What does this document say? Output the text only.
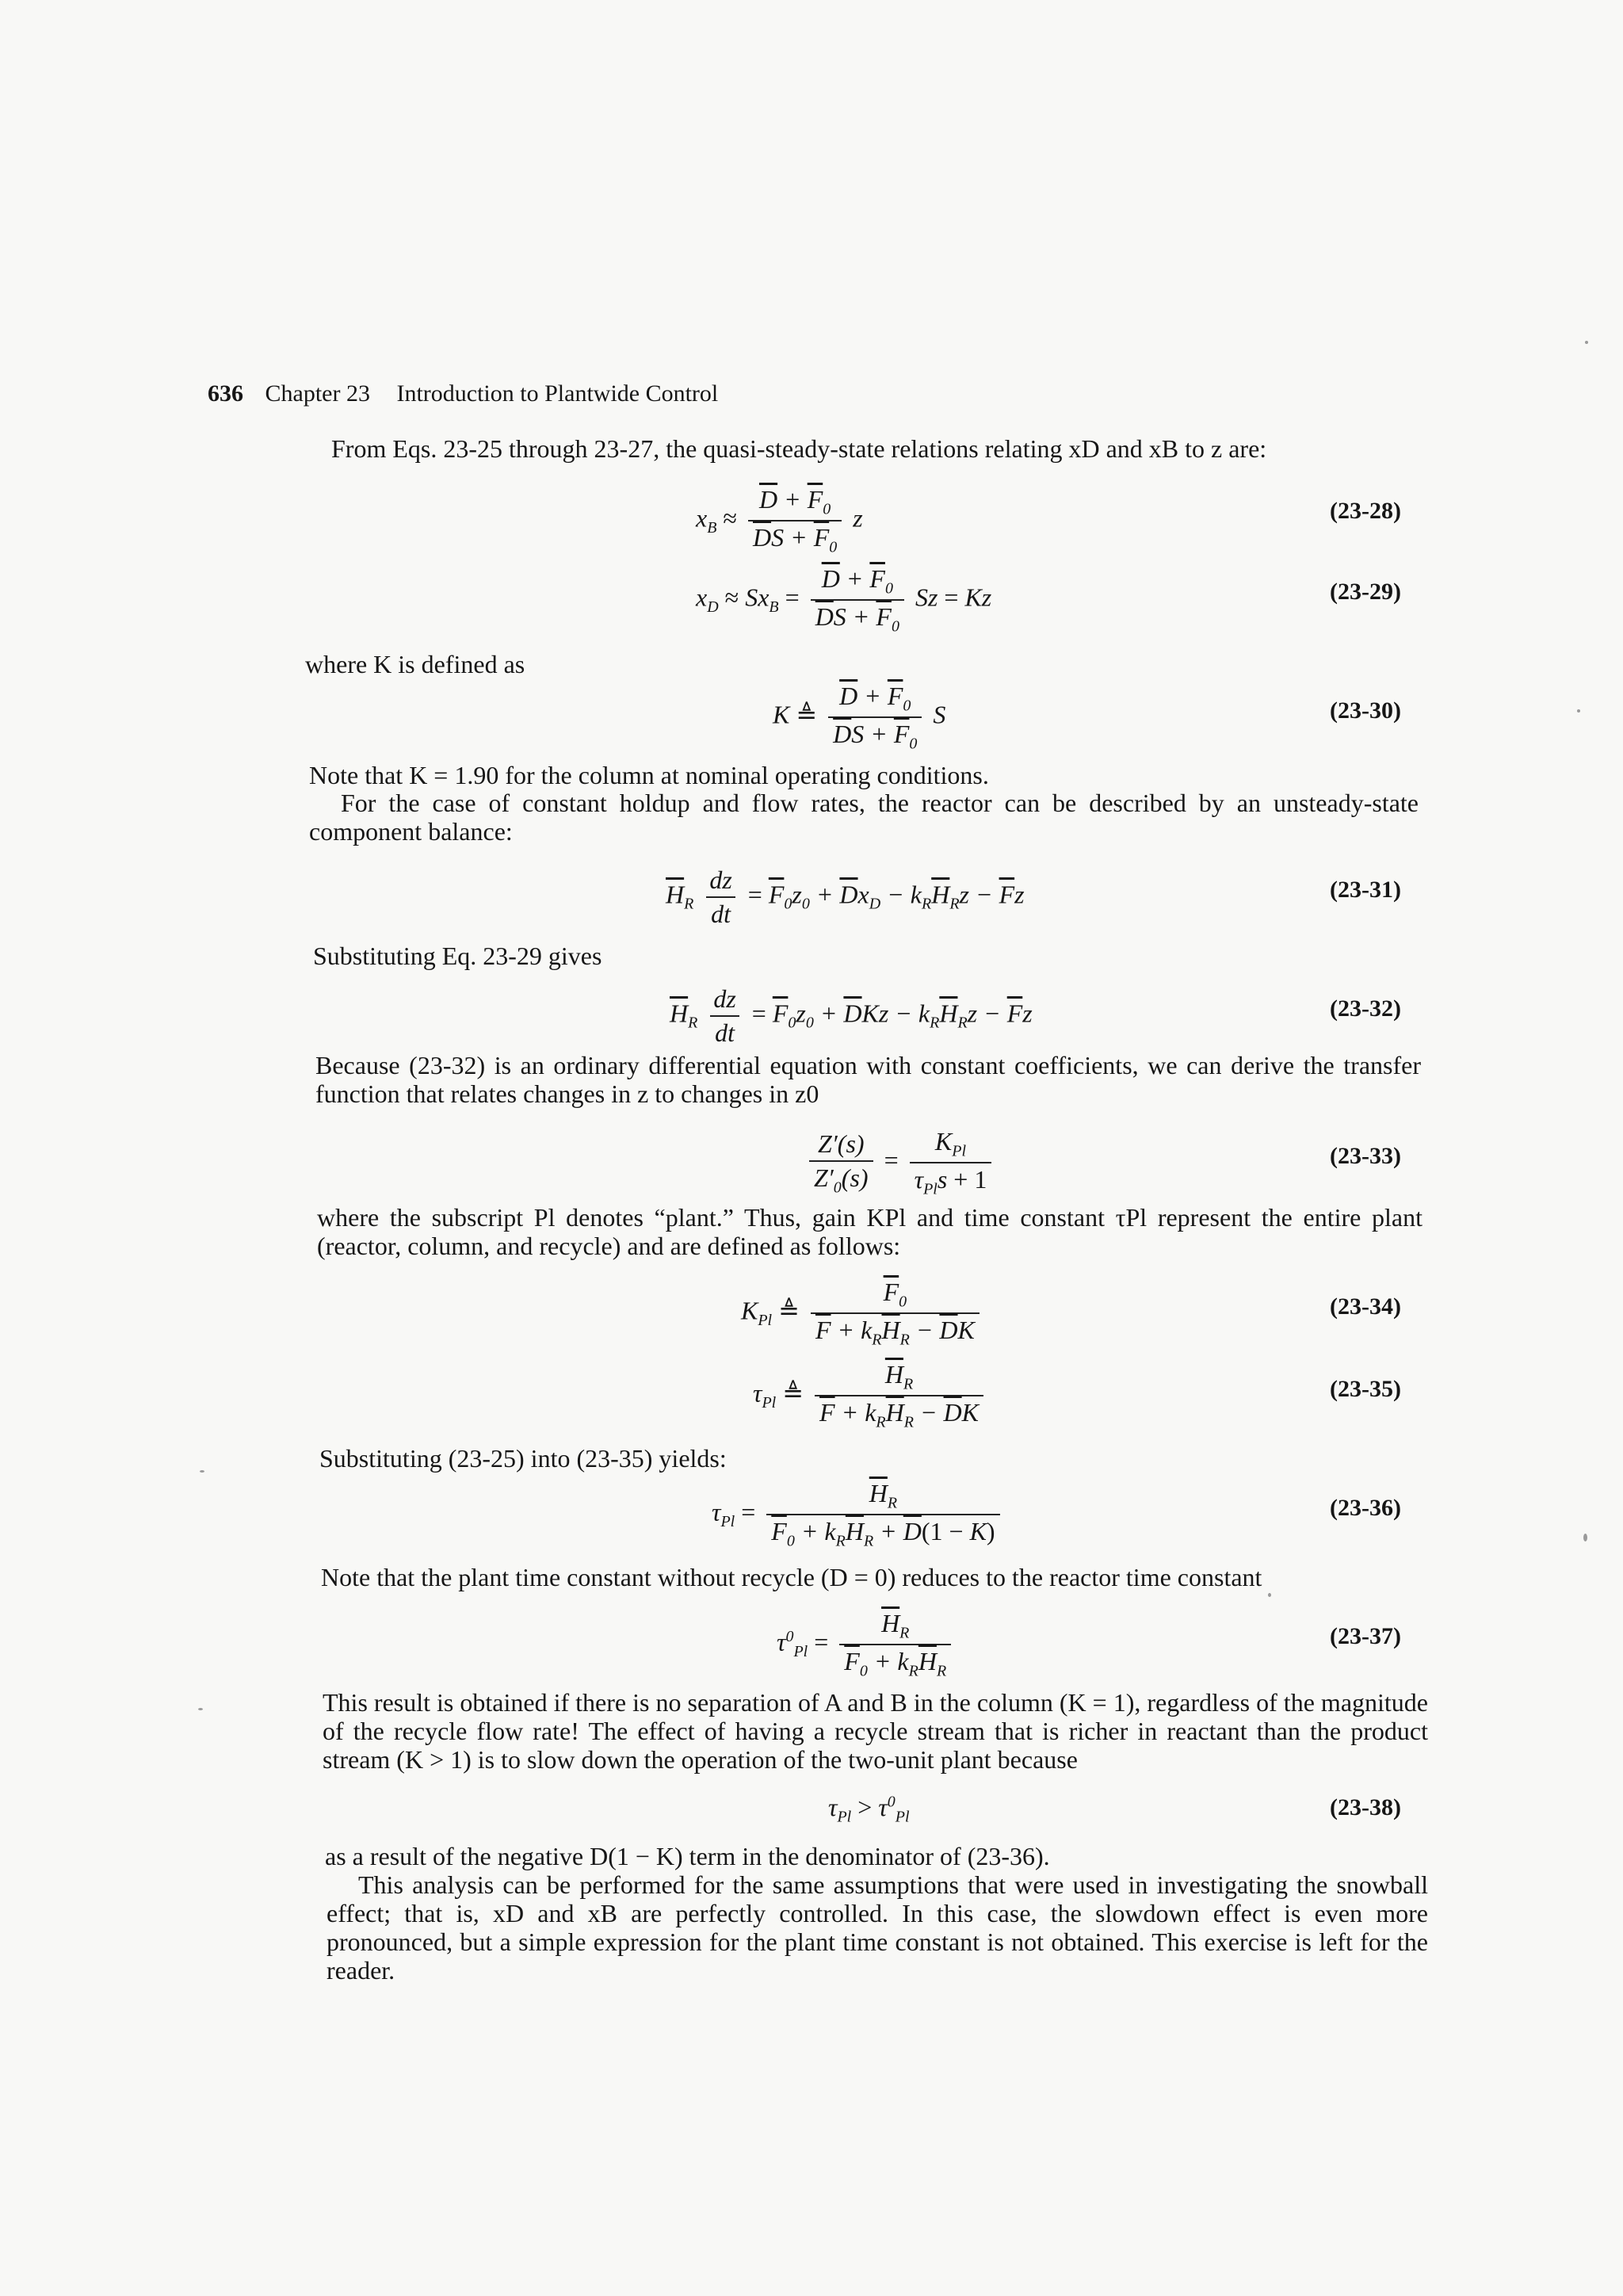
636 Chapter 23 Introduction to Plantwide Control
From Eqs. 23-25 through 23-27, the quasi-steady-state relations relating xD and xB to z are:
$x_B \approx \frac{\overline{D} + \overline{F}_0}{\overline{D}S + \overline{F}_0}$ z	(23-28)
$x_D \approx Sx_B = \frac{\overline{D} + \overline{F}_0}{\overline{D}S + \overline{F}_0}$ Sz = Kz	(23-29)
where K is defined as
K ≜ $\frac{\overline{D} + \overline{F}_0}{\overline{D}S + \overline{F}_0}$ S	(23-30)
Note that K = 1.90 for the column at nominal operating conditions.
For the case of constant holdup and flow rates, the reactor can be described by an unsteady-state component balance:
$\overline{H}_R \frac{dz}{dt} = \overline{F}_0z_0 + \overline{D}x_D - k_R\overline{H}_Rz - \overline{F}z$	(23-31)
Substituting Eq. 23-29 gives
$\overline{H}_R \frac{dz}{dt} = \overline{F}_0z_0 + \overline{D}Kz - k_R\overline{H}_Rz - \overline{F}z$	(23-32)
Because (23-32) is an ordinary differential equation with constant coefficients, we can derive the transfer function that relates changes in z to changes in z0
$\frac{Z'(s)}{Z'_0(s)} = \frac{K_{Pl}}{\tau_{Pl}s + 1}$	(23-33)
where the subscript Pl denotes “plant.” Thus, gain KPl and time constant τPl represent the entire plant (reactor, column, and recycle) and are defined as follows:
$K_{Pl}$ ≜ $\frac{\overline{F}_0}{\overline{F} + k_R\overline{H}_R - \overline{D}K}$	(23-34)
$\tau_{Pl}$ ≜ $\frac{\overline{H}_R}{\overline{F} + k_R\overline{H}_R - \overline{D}K}$	(23-35)
Substituting (23-25) into (23-35) yields:
$\tau_{Pl} = \frac{\overline{H}_R}{\overline{F}_0 + k_R\overline{H}_R + \overline{D}(1 - K)}$	(23-36)
Note that the plant time constant without recycle (D = 0) reduces to the reactor time constant
$\tau^0_{Pl} = \frac{\overline{H}_R}{\overline{F}_0 + k_R\overline{H}_R}$	(23-37)
This result is obtained if there is no separation of A and B in the column (K = 1), regardless of the magnitude of the recycle flow rate! The effect of having a recycle stream that is richer in reactant than the product stream (K > 1) is to slow down the operation of the two-unit plant because
$\tau_{Pl} > \tau^0_{Pl}$	(23-38)
as a result of the negative D(1 − K) term in the denominator of (23-36).
This analysis can be performed for the same assumptions that were used in investigating the snowball effect; that is, xD and xB are perfectly controlled. In this case, the slowdown effect is even more pronounced, but a simple expression for the plant time constant is not obtained. This exercise is left for the reader.
